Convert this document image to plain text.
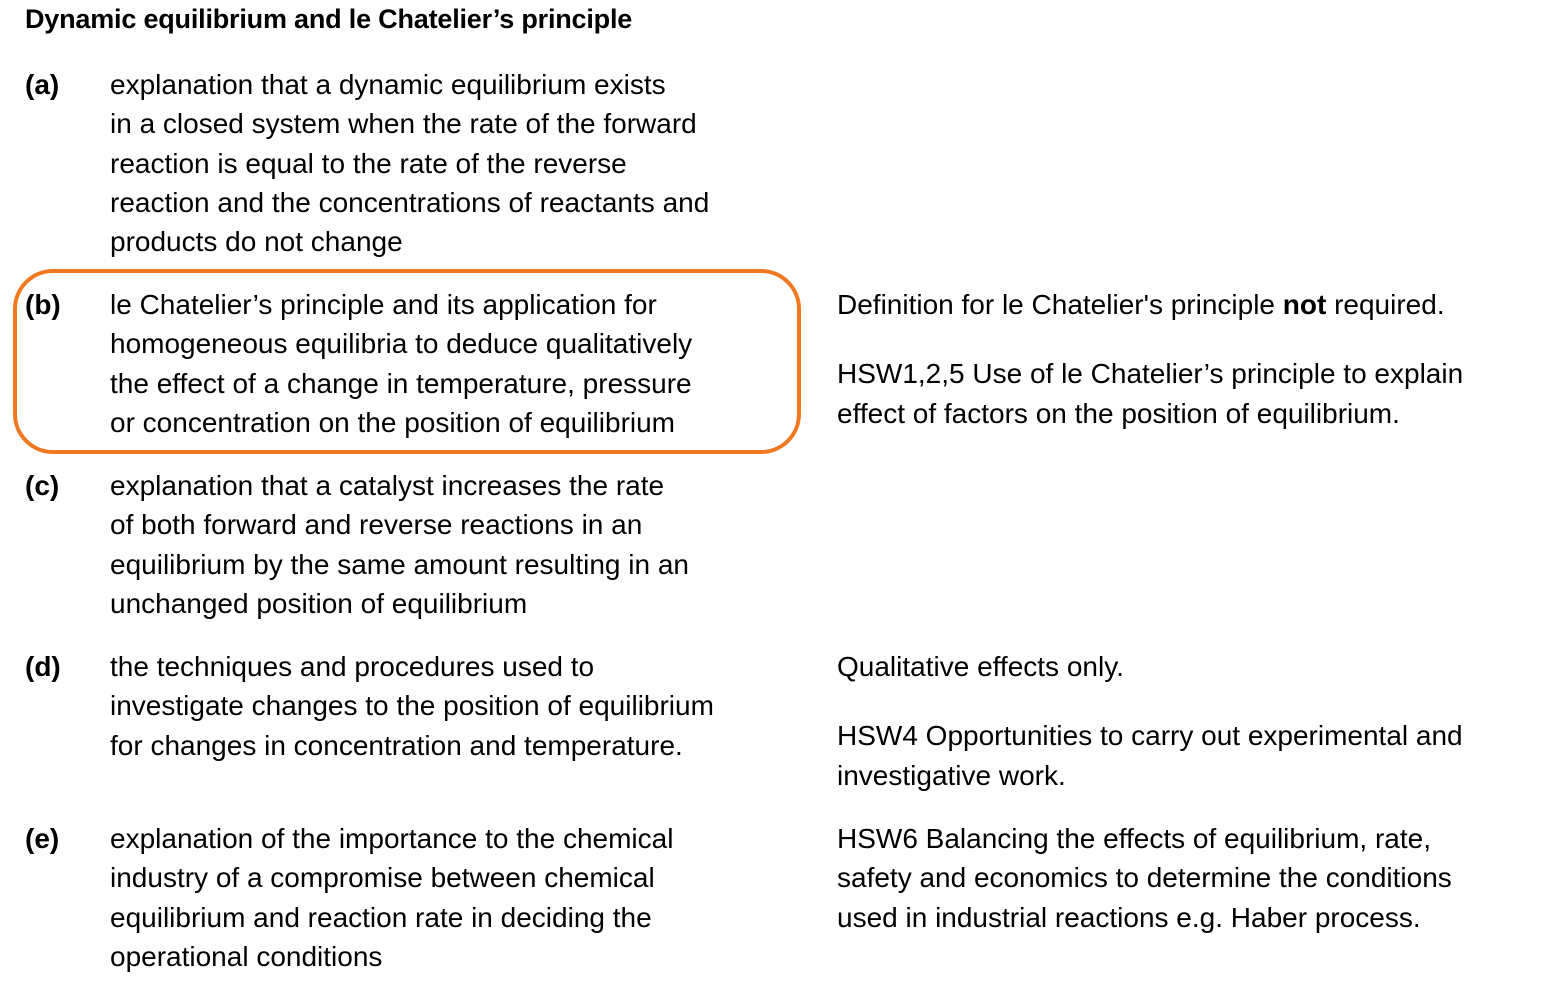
Dynamic equilibrium and le Chatelier’s principle
(a) explanation that a dynamic equilibrium exists
in a closed system when the rate of the forward
reaction is equal to the rate of the reverse
reaction and the concentrations of reactants and
products do not change
(b) le Chatelier’s principle and its application for
homogeneous equilibria to deduce qualitatively
the effect of a change in temperature, pressure
or concentration on the position of equilibrium

Definition for le Chatelier's principle not required.

HSW1,2,5 Use of le Chatelier’s principle to explain
effect of factors on the position of equilibrium.

(c) explanation that a catalyst increases the rate
of both forward and reverse reactions in an
equilibrium by the same amount resulting in an
unchanged position of equilibrium
(d) the techniques and procedures used to
investigate changes to the position of equilibrium
for changes in concentration and temperature.

Qualitative effects only.

HSW4 Opportunities to carry out experimental and
investigative work.

(e) explanation of the importance to the chemical
industry of a compromise between chemical
equilibrium and reaction rate in deciding the
operational conditions

HSW6 Balancing the effects of equilibrium, rate,
safety and economics to determine the conditions
used in industrial reactions e.g. Haber process.
